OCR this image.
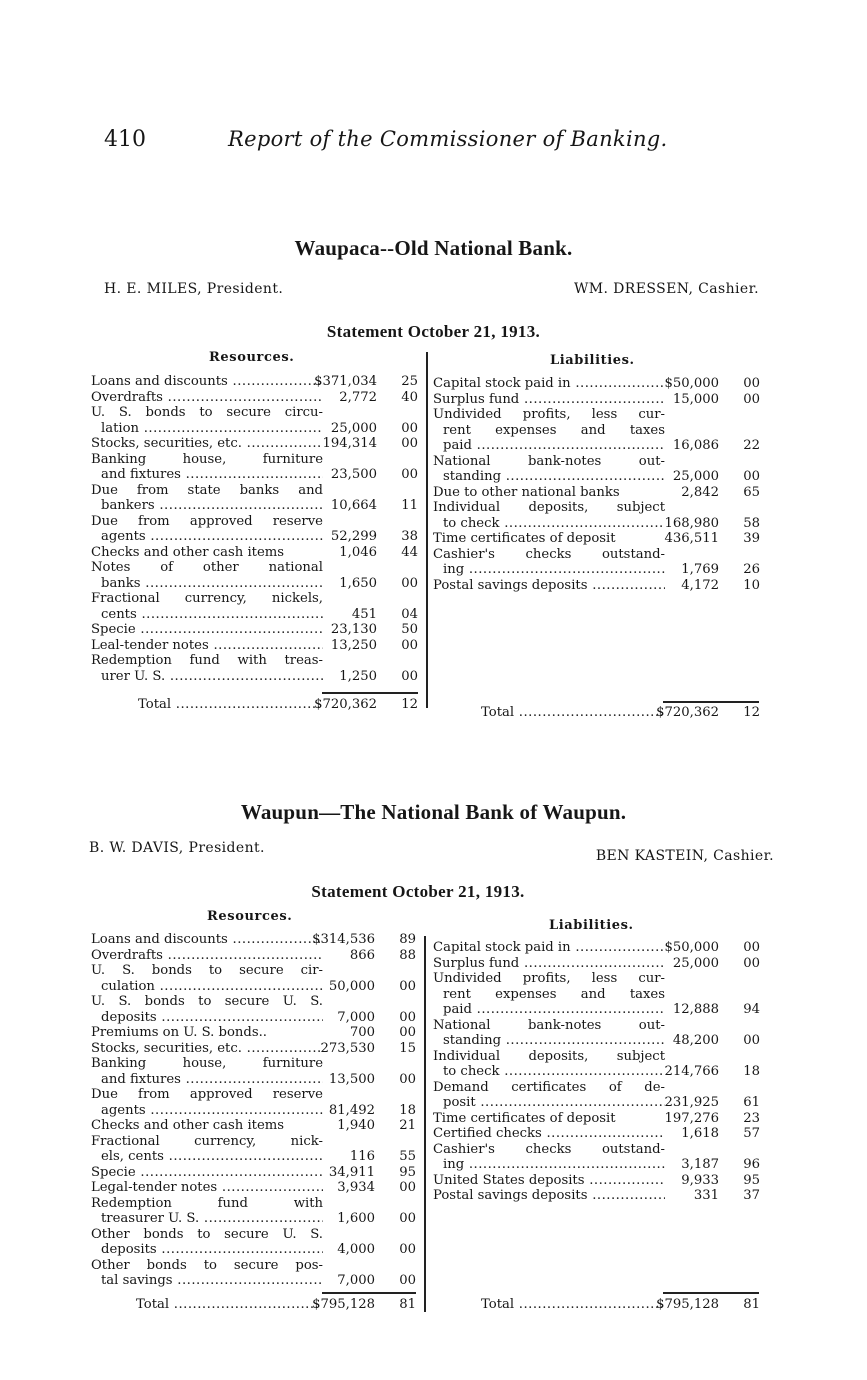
410	Report of the Commissioner of Banking.
Waupaca--Old National Bank.
H. E. MILES, President.	WM. DRESSEN, Cashier.
Statement October 21, 1913.
Resources.	Liabilities.
Loans and discounts .....	$371,034	25
Overdrafts .....	2,772	40
U. S. bonds to secure circu-
lation .....	25,000	00
Stocks, securities, etc. .....	194,314	00
Banking house, furniture
and fixtures .....	23,500	00
Due from state banks and
bankers .....	10,664	11
Due from approved reserve
agents .....	52,299	38
Checks and other cash items	1,046	44
Notes of other national
banks .....	1,650	00
Fractional currency, nickels,
cents .....	451	04
Specie .....	23,130	50
Leal-tender notes .....	13,250	00
Redemption fund with treas-
urer U. S. .....	1,250	00
Capital stock paid in .....	$50,000	00
Surplus fund .....	15,000	00
Undivided profits, less cur-
rent expenses and taxes
paid .....	16,086	22
National bank-notes out-
standing .....	25,000	00
Due to other national banks	2,842	65
Individual deposits, subject
to check .....	168,980	58
Time certificates of deposit	436,511	39
Cashier's checks outstand-
ing .....	1,769	26
Postal savings deposits .....	4,172	10
Total .....	$720,362	12
Total .....	$720,362	12
Waupun—The National Bank of Waupun.
B. W. DAVIS, President.	BEN KASTEIN, Cashier.
Statement October 21, 1913.
Resources.
Liabilities.
Loans and discounts .....	$314,536	89
Overdrafts .....	866	88
U. S. bonds to secure cir-
culation .....	50,000	00
U. S. bonds to secure U. S.
deposits .....	7,000	00
Premiums on U. S. bonds..	700	00
Stocks, securities, etc. .....	273,530	15
Banking house, furniture
and fixtures .....	13,500	00
Due from approved reserve
agents .....	81,492	18
Checks and other cash items	1,940	21
Fractional currency, nick-
els, cents .....	116	55
Specie .....	34,911	95
Legal-tender notes .....	3,934	00
Redemption fund with
treasurer U. S. .....	1,600	00
Other bonds to secure U. S.
deposits .....	4,000	00
Other bonds to secure pos-
tal savings .....	7,000	00
Capital stock paid in .....	$50,000	00
Surplus fund .....	25,000	00
Undivided profits, less cur-
rent expenses and taxes
paid .....	12,888	94
National bank-notes out-
standing .....	48,200	00
Individual deposits, subject
to check .....	214,766	18
Demand certificates of de-
posit .....	231,925	61
Time certificates of deposit	197,276	23
Certified checks .....	1,618	57
Cashier's checks outstand-
ing .....	3,187	96
United States deposits .....	9,933	95
Postal savings deposits .....	331	37
Total .....	$795,128	81	Total .....	$795,128	81
